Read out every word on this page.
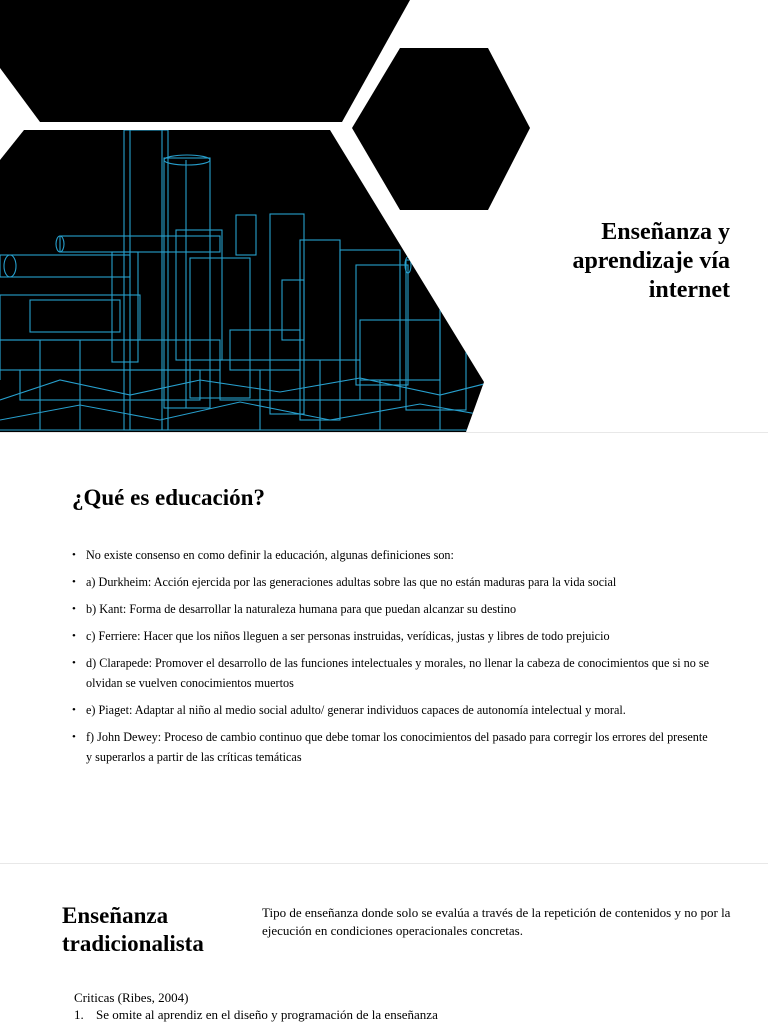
Enseñanza y
aprendizaje vía
internet
¿Qué es educación?
• No existe consenso en como definir la educación, algunas definiciones son:
• a) Durkheim: Acción ejercida por las generaciones adultas sobre las que no están maduras para la vida social
• b) Kant: Forma de desarrollar la naturaleza humana para que puedan alcanzar su destino
• c) Ferriere: Hacer que los niños lleguen a ser personas instruidas, verídicas, justas y libres de todo prejuicio
• d) Clarapede: Promover el desarrollo de las funciones intelectuales y morales, no llenar la cabeza de conocimientos que si no se olvidan se vuelven conocimientos muertos
• e) Piaget: Adaptar al niño al medio social adulto/ generar individuos capaces de autonomía intelectual y moral.
• f) John Dewey: Proceso de cambio continuo que debe tomar los conocimientos del pasado para corregir los errores del presente y superarlos a partir de las críticas temáticas
Enseñanza
tradicionalista

Tipo de enseñanza donde solo se evalúa a través de la repetición de contenidos y no por la ejecución en condiciones operacionales concretas.

Criticas (Ribes, 2004)
1. Se omite al aprendiz en el diseño y programación de la enseñanza
